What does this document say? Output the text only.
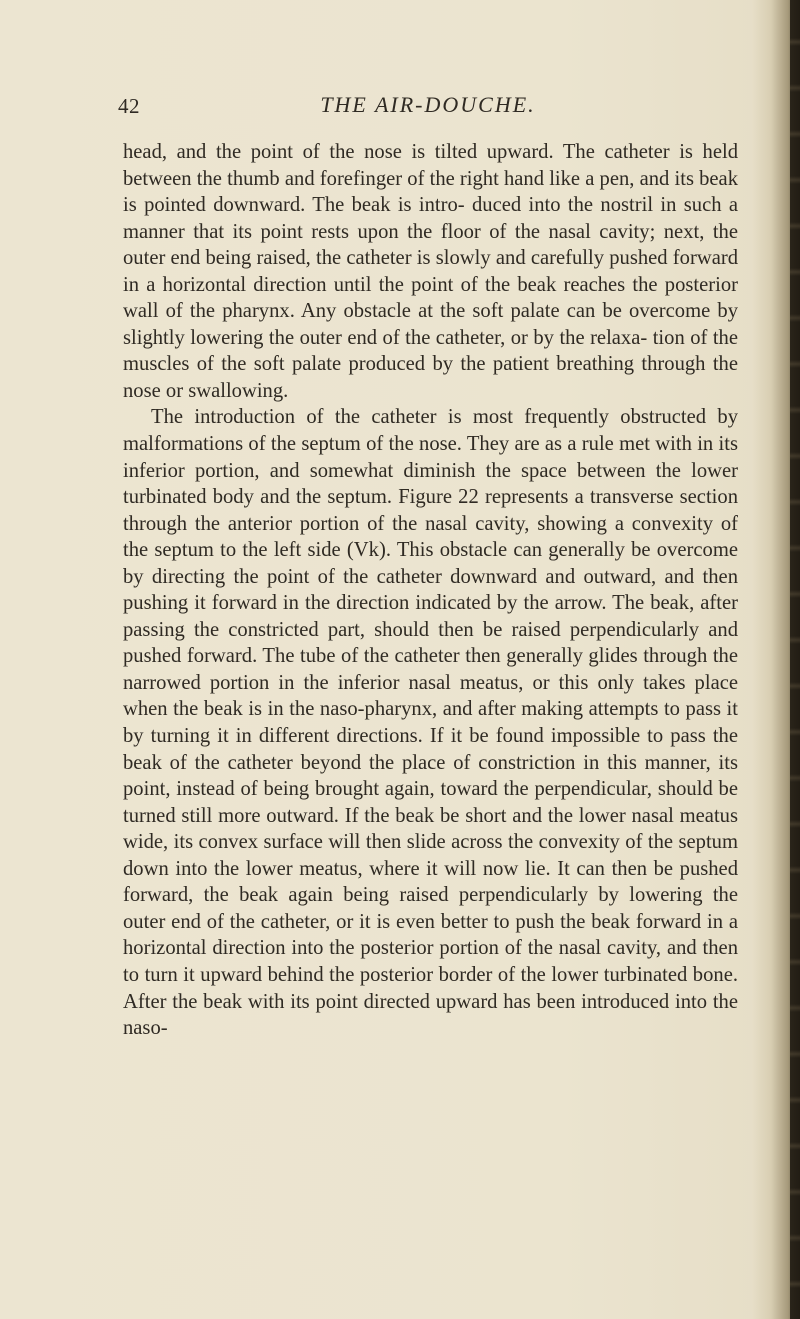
42	THE AIR-DOUCHE.

head, and the point of the nose is tilted upward. The catheter is held between the thumb and forefinger of the right hand like a pen, and its beak is pointed downward. The beak is intro- duced into the nostril in such a manner that its point rests upon the floor of the nasal cavity; next, the outer end being raised, the catheter is slowly and carefully pushed forward in a horizontal direction until the point of the beak reaches the posterior wall of the pharynx. Any obstacle at the soft palate can be overcome by slightly lowering the outer end of the catheter, or by the relaxa- tion of the muscles of the soft palate produced by the patient breathing through the nose or swallowing.

The introduction of the catheter is most frequently obstructed by malformations of the septum of the nose. They are as a rule met with in its inferior portion, and somewhat diminish the space between the lower turbinated body and the septum. Figure 22 represents a transverse section through the anterior portion of the nasal cavity, showing a convexity of the septum to the left side (Vk). This obstacle can generally be overcome by directing the point of the catheter downward and outward, and then pushing it forward in the direction indicated by the arrow. The beak, after passing the constricted part, should then be raised perpendicularly and pushed forward. The tube of the catheter then generally glides through the narrowed portion in the inferior nasal meatus, or this only takes place when the beak is in the naso-pharynx, and after making attempts to pass it by turning it in different directions. If it be found impossible to pass the beak of the catheter beyond the place of constriction in this manner, its point, instead of being brought again, toward the perpendicular, should be turned still more outward. If the beak be short and the lower nasal meatus wide, its convex surface will then slide across the convexity of the septum down into the lower meatus, where it will now lie. It can then be pushed forward, the beak again being raised perpendicularly by lowering the outer end of the catheter, or it is even better to push the beak forward in a horizontal direction into the posterior portion of the nasal cavity, and then to turn it upward behind the posterior border of the lower turbinated bone. After the beak with its point directed upward has been introduced into the naso-
